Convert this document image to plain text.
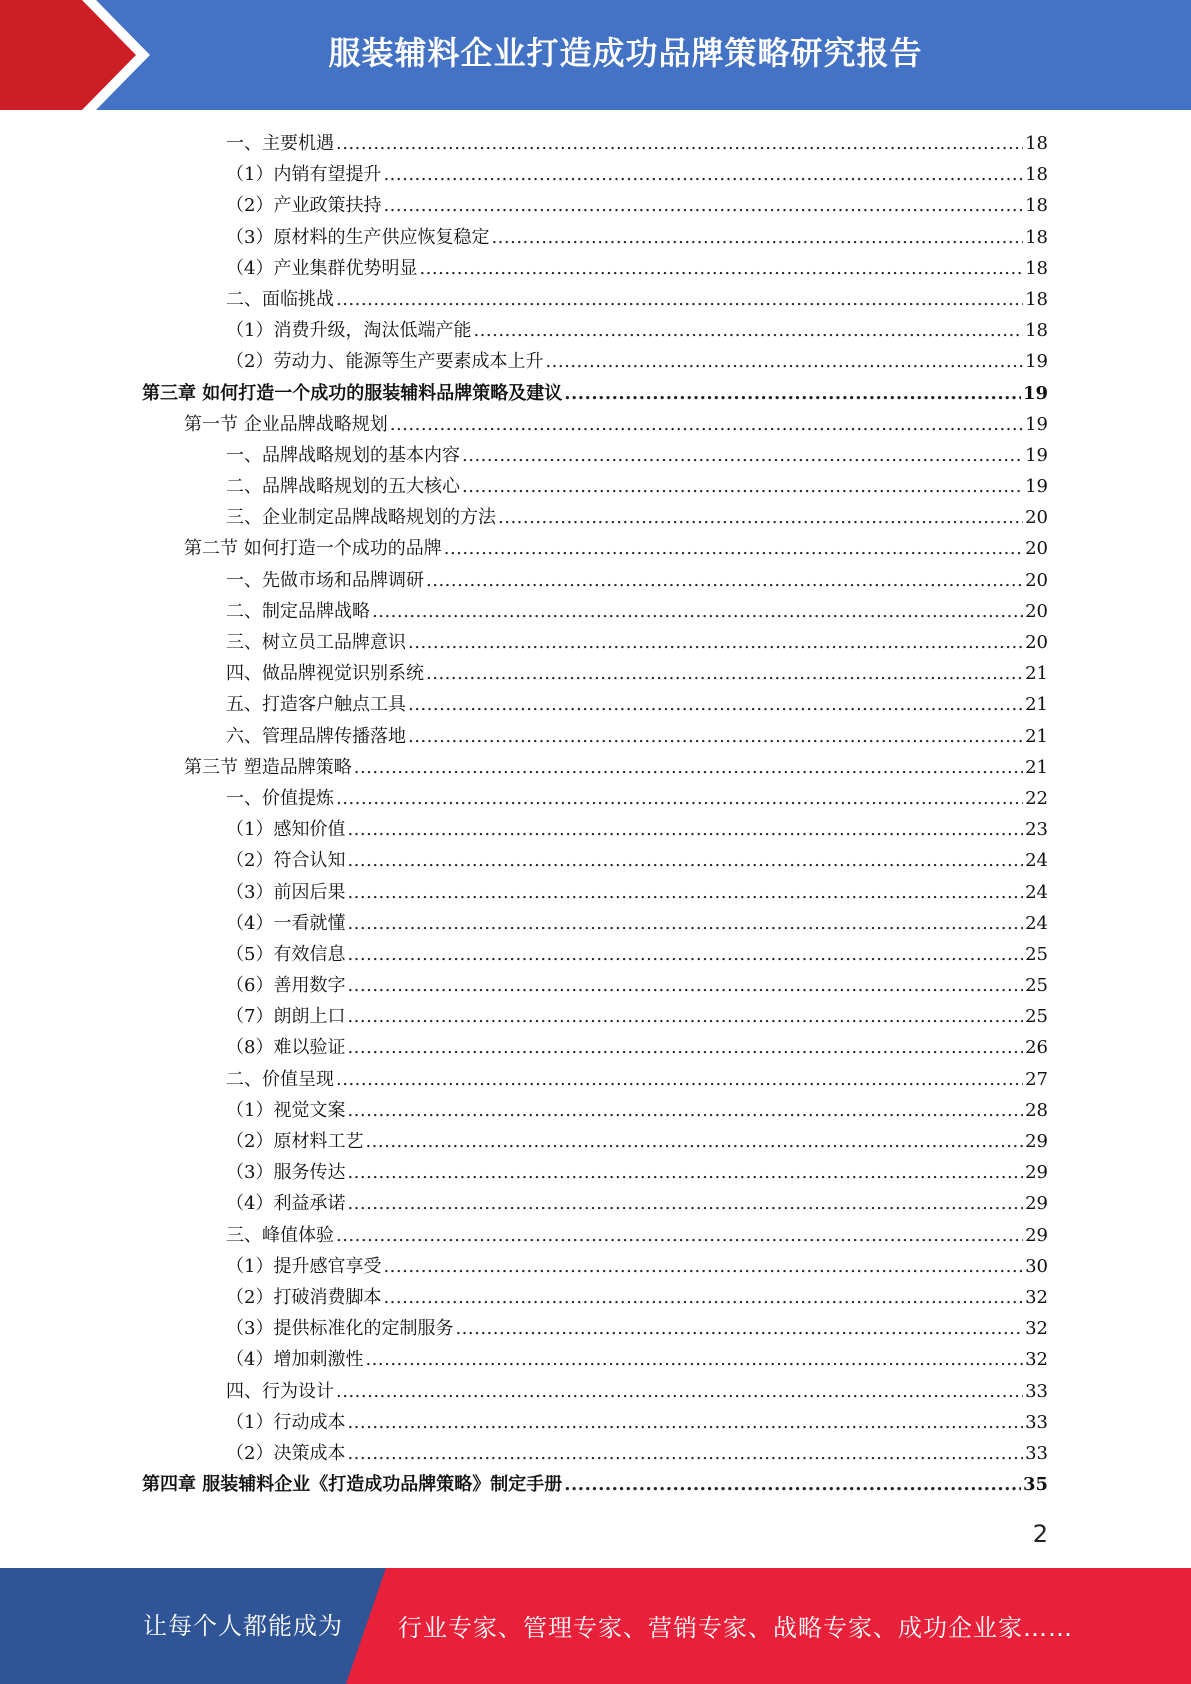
服装辅料企业打造成功品牌策略研究报告
一、主要机遇 .....	18
（1）内销有望提升 .....	18
（2）产业政策扶持 .....	18
（3）原材料的生产供应恢复稳定 .....	18
（4）产业集群优势明显 .....	18
二、面临挑战 .....	18
（1）消费升级，淘汰低端产能 .....	18
（2）劳动力、能源等生产要素成本上升 .....	19
第三章 如何打造一个成功的服装辅料品牌策略及建议 .....	19
第一节 企业品牌战略规划 .....	19
一、品牌战略规划的基本内容 .....	19
二、品牌战略规划的五大核心 .....	19
三、企业制定品牌战略规划的方法 .....	20
第二节 如何打造一个成功的品牌 .....	20
一、先做市场和品牌调研 .....	20
二、制定品牌战略 .....	20
三、树立员工品牌意识 .....	20
四、做品牌视觉识别系统 .....	21
五、打造客户触点工具 .....	21
六、管理品牌传播落地 .....	21
第三节 塑造品牌策略 .....	21
一、价值提炼 .....	22
（1）感知价值 .....	23
（2）符合认知 .....	24
（3）前因后果 .....	24
（4）一看就懂 .....	24
（5）有效信息 .....	25
（6）善用数字 .....	25
（7）朗朗上口 .....	25
（8）难以验证 .....	26
二、价值呈现 .....	27
（1）视觉文案 .....	28
（2）原材料工艺 .....	29
（3）服务传达 .....	29
（4）利益承诺 .....	29
三、峰值体验 .....	29
（1）提升感官享受 .....	30
（2）打破消费脚本 .....	32
（3）提供标准化的定制服务 .....	32
（4）增加刺激性 .....	32
四、行为设计 .....	33
（1）行动成本 .....	33
（2）决策成本 .....	33
第四章 服装辅料企业《打造成功品牌策略》制定手册 .....	35
2
让每个人都能成为 行业专家、管理专家、营销专家、战略专家、成功企业家……
